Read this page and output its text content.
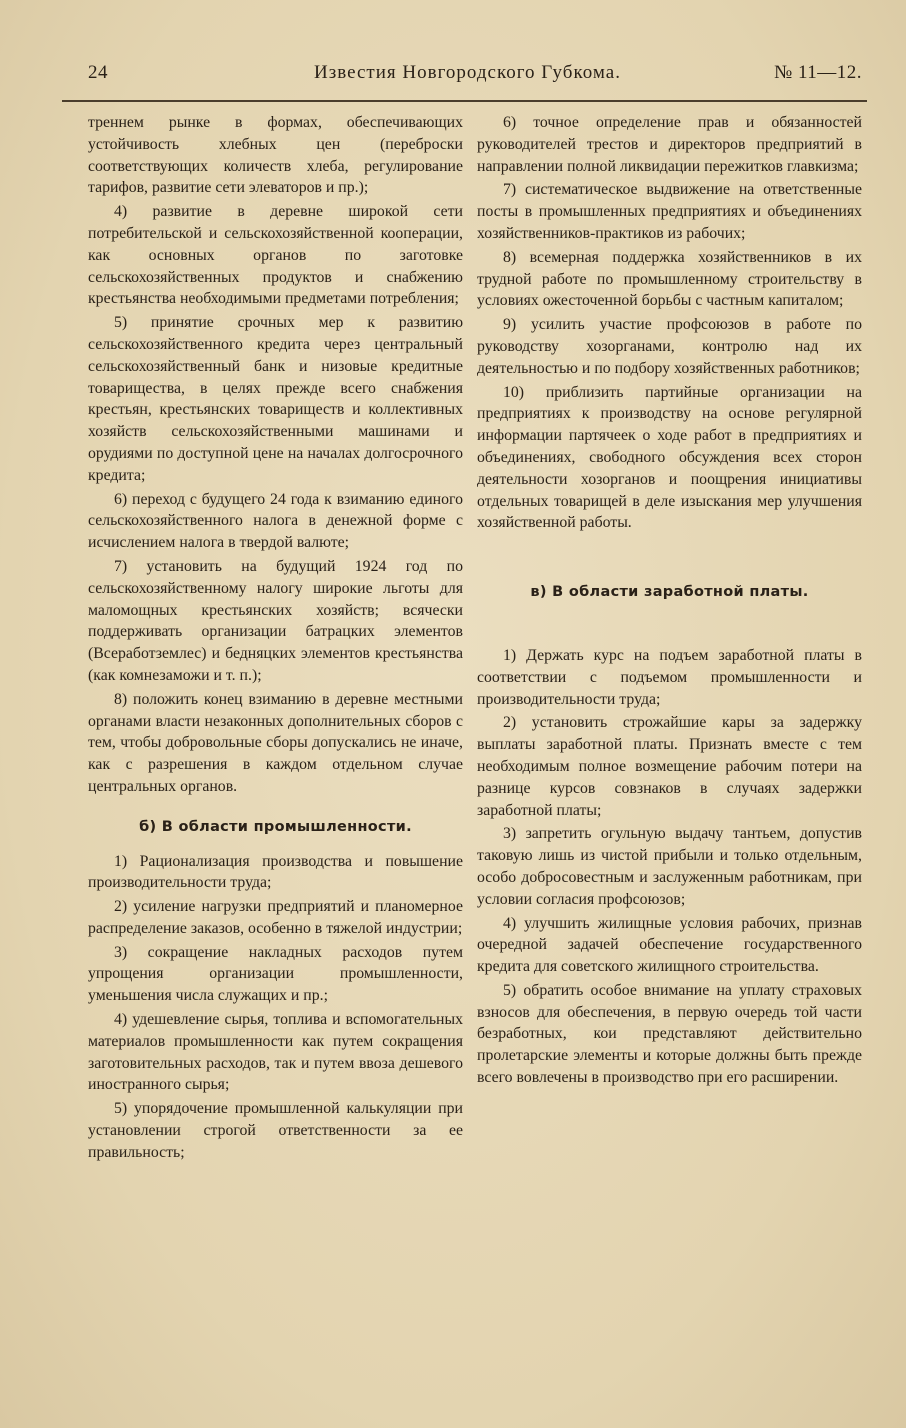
24	Известия Новгородского Губкома.	№ 11—12.

треннем рынке в формах, обеспечивающих устойчивость хлебных цен (переброски соответствующих количеств хлеба, регулирование тарифов, развитие сети элеваторов и пр.);

4) развитие в деревне широкой сети потребительской и сельскохозяйственной кооперации, как основных органов по заготовке сельскохозяйственных продуктов и снабжению крестьянства необходимыми предметами потребления;

5) принятие срочных мер к развитию сельскохозяйственного кредита через центральный сельскохозяйственный банк и низовые кредитные товарищества, в целях прежде всего снабжения крестьян, крестьянских товариществ и коллективных хозяйств сельскохозяйственными машинами и орудиями по доступной цене на началах долгосрочного кредита;

6) переход с будущего 24 года к взиманию единого сельскохозяйственного налога в денежной форме с исчислением налога в твердой валюте;

7) установить на будущий 1924 год по сельскохозяйственному налогу широкие льготы для маломощных крестьянских хозяйств; всячески поддерживать организации батрацких элементов (Всеработземлес) и бедняцких элементов крестьянства (как комнезаможи и т. п.);

8) положить конец взиманию в деревне местными органами власти незаконных дополнительных сборов с тем, чтобы добровольные сборы допускались не иначе, как с разрешения в каждом отдельном случае центральных органов.

б) В области промышленности.

1) Рационализация производства и повышение производительности труда;

2) усиление нагрузки предприятий и планомерное распределение заказов, особенно в тяжелой индустрии;

3) сокращение накладных расходов путем упрощения организации промышленности, уменьшения числа служащих и пр.;

4) удешевление сырья, топлива и вспомогательных материалов промышленности как путем сокращения заготовительных расходов, так и путем ввоза дешевого иностранного сырья;

5) упорядочение промышленной калькуляции при установлении строгой ответственности за ее правильность;

6) точное определение прав и обязанностей руководителей трестов и директоров предприятий в направлении полной ликвидации пережитков главкизма;

7) систематическое выдвижение на ответственные посты в промышленных предприятиях и объединениях хозяйственников-практиков из рабочих;

8) всемерная поддержка хозяйственников в их трудной работе по промышленному строительству в условиях ожесточенной борьбы с частным капиталом;

9) усилить участие профсоюзов в работе по руководству хозорганами, контролю над их деятельностью и по подбору хозяйственных работников;

10) приблизить партийные организации на предприятиях к производству на основе регулярной информации партячеек о ходе работ в предприятиях и объединениях, свободного обсуждения всех сторон деятельности хозорганов и поощрения инициативы отдельных товарищей в деле изыскания мер улучшения хозяйственной работы.

в) В области заработной платы.

1) Держать курс на подъем заработной платы в соответствии с подъемом промышленности и производительности труда;

2) установить строжайшие кары за задержку выплаты заработной платы. Признать вместе с тем необходимым полное возмещение рабочим потери на разнице курсов совзнаков в случаях задержки заработной платы;

3) запретить огульную выдачу тантьем, допустив таковую лишь из чистой прибыли и только отдельным, особо добросовестным и заслуженным работникам, при условии согласия профсоюзов;

4) улучшить жилищные условия рабочих, признав очередной задачей обеспечение государственного кредита для советского жилищного строительства.

5) обратить особое внимание на уплату страховых взносов для обеспечения, в первую очередь той части безработных, кои представляют действительно пролетарские элементы и которые должны быть прежде всего вовлечены в производство при его расширении.
